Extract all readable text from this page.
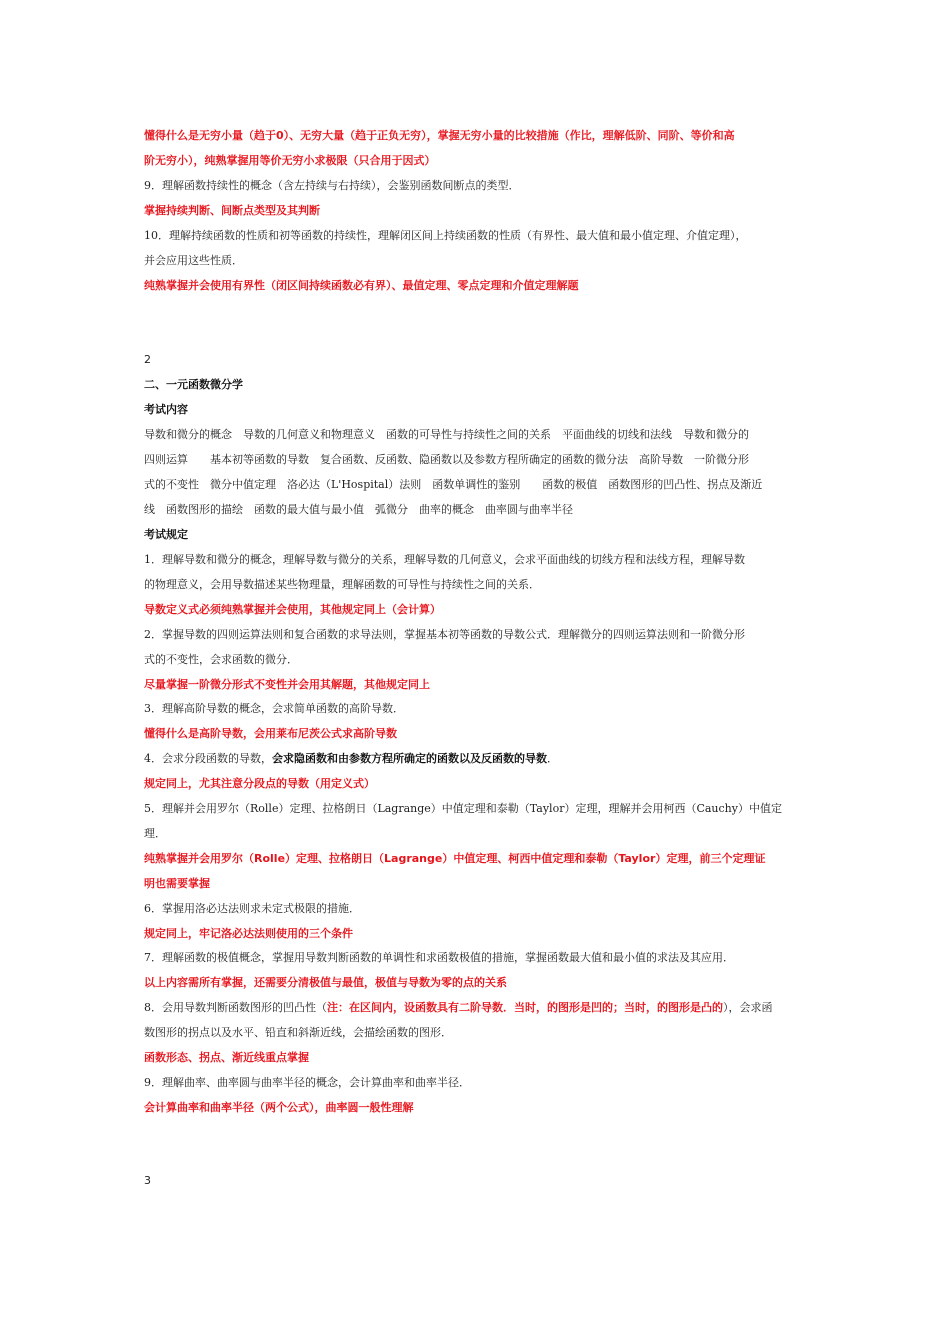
懂得什么是无穷小量（趋于0）、无穷大量（趋于正负无穷），掌握无穷小量的比较措施（作比，理解低阶、同阶、等价和高
阶无穷小），纯熟掌握用等价无穷小求极限（只合用于因式）
9．理解函数持续性的概念（含左持续与右持续），会鉴别函数间断点的类型．
掌握持续判断、间断点类型及其判断
10．理解持续函数的性质和初等函数的持续性，理解闭区间上持续函数的性质（有界性、最大值和最小值定理、介值定理），
并会应用这些性质．
纯熟掌握并会使用有界性（闭区间持续函数必有界）、最值定理、零点定理和介值定理解题
2
二、一元函数微分学
考试内容
导数和微分的概念　导数的几何意义和物理意义　函数的可导性与持续性之间的关系　平面曲线的切线和法线　导数和微分的
四则运算　　基本初等函数的导数　复合函数、反函数、隐函数以及参数方程所确定的函数的微分法　高阶导数　一阶微分形
式的不变性　微分中值定理　洛必达（L'Hospital）法则　函数单调性的鉴别　　函数的极值　函数图形的凹凸性、拐点及渐近
线　函数图形的描绘　函数的最大值与最小值　弧微分　曲率的概念　曲率圆与曲率半径
考试规定
1．理解导数和微分的概念，理解导数与微分的关系，理解导数的几何意义，会求平面曲线的切线方程和法线方程，理解导数
的物理意义，会用导数描述某些物理量，理解函数的可导性与持续性之间的关系．
导数定义式必须纯熟掌握并会使用，其他规定同上（会计算）
2．掌握导数的四则运算法则和复合函数的求导法则，掌握基本初等函数的导数公式．理解微分的四则运算法则和一阶微分形
式的不变性，会求函数的微分．
尽量掌握一阶微分形式不变性并会用其解题，其他规定同上
3．理解高阶导数的概念，会求简单函数的高阶导数．
懂得什么是高阶导数，会用莱布尼茨公式求高阶导数
4．会求分段函数的导数，会求隐函数和由参数方程所确定的函数以及反函数的导数．
规定同上，尤其注意分段点的导数（用定义式）
5．理解并会用罗尔（Rolle）定理、拉格朗日（Lagrange）中值定理和泰勒（Taylor）定理，理解并会用柯西（Cauchy）中值定
理．
纯熟掌握并会用罗尔（Rolle）定理、拉格朗日（Lagrange）中值定理、柯西中值定理和泰勒（Taylor）定理，前三个定理证
明也需要掌握
6．掌握用洛必达法则求未定式极限的措施．
规定同上，牢记洛必达法则使用的三个条件
7．理解函数的极值概念，掌握用导数判断函数的单调性和求函数极值的措施，掌握函数最大值和最小值的求法及其应用．
以上内容需所有掌握，还需要分清极值与最值，极值与导数为零的点的关系
8．会用导数判断函数图形的凹凸性（注：在区间内，设函数具有二阶导数．当时，的图形是凹的；当时，的图形是凸的），会求函
数图形的拐点以及水平、铅直和斜渐近线，会描绘函数的图形．
函数形态、拐点、渐近线重点掌握
9．理解曲率、曲率圆与曲率半径的概念，会计算曲率和曲率半径．
会计算曲率和曲率半径（两个公式），曲率圆一般性理解
3
